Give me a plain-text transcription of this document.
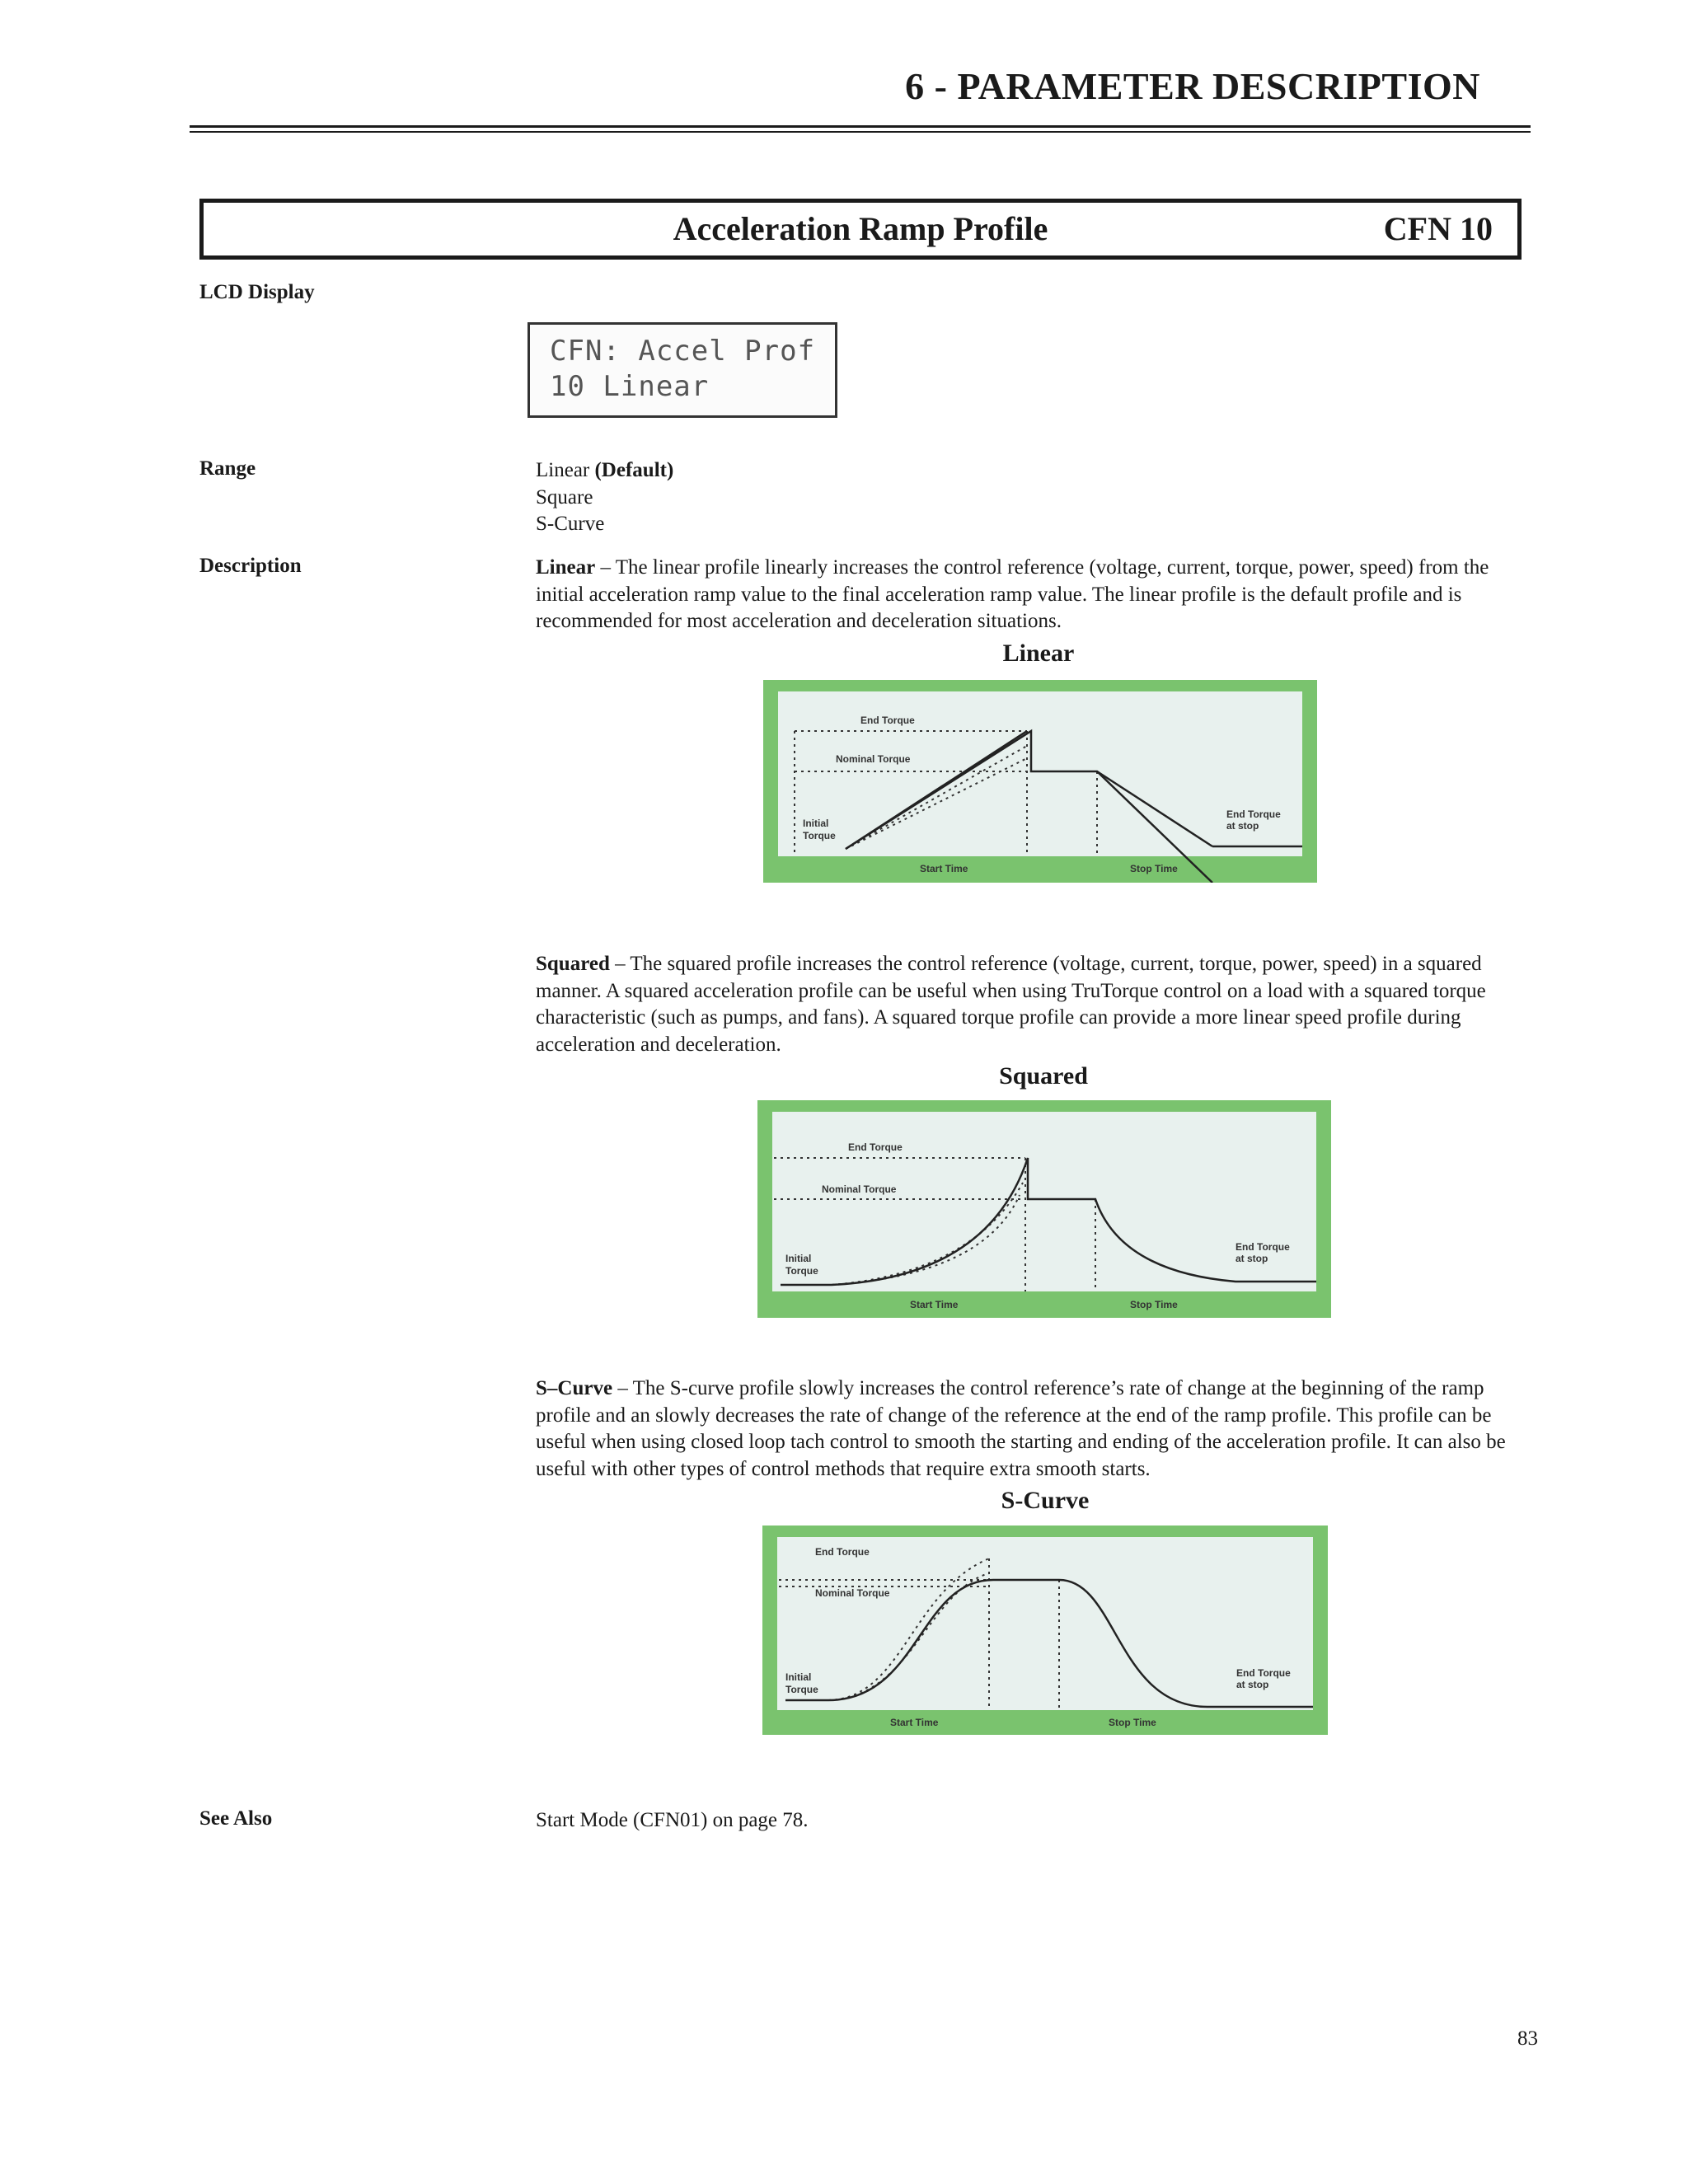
6 - PARAMETER DESCRIPTION
Acceleration Ramp Profile	CFN 10
LCD Display
CFN: Accel Prof
10 Linear
Range	Linear (Default)
Square
S-Curve
Description	Linear – The linear profile linearly increases the control reference (voltage, current, torque, power, speed) from the initial acceleration ramp value to the final acceleration ramp value. The linear profile is the default profile and is recommended for most acceleration and deceleration situations.
Linear
End Torque
Nominal Torque
Initial
Torque
End Torque
at stop
Start Time	Stop Time
Squared – The squared profile increases the control reference (voltage, current, torque, power, speed) in a squared manner. A squared acceleration profile can be useful when using TruTorque control on a load with a squared torque characteristic (such as pumps, and fans). A squared torque profile can provide a more linear speed profile during acceleration and deceleration.
Squared
End Torque
Nominal Torque
Initial
Torque
End Torque
at stop
Start Time	Stop Time
S–Curve – The S-curve profile slowly increases the control reference’s rate of change at the beginning of the ramp profile and an slowly decreases the rate of change of the reference at the end of the ramp profile. This profile can be useful when using closed loop tach control to smooth the starting and ending of the acceleration profile. It can also be useful with other types of control methods that require extra smooth starts.
S-Curve
End Torque
Nominal Torque
Initial
Torque
End Torque
at stop
Start Time	Stop Time
See Also	Start Mode (CFN01) on page 78.
83
